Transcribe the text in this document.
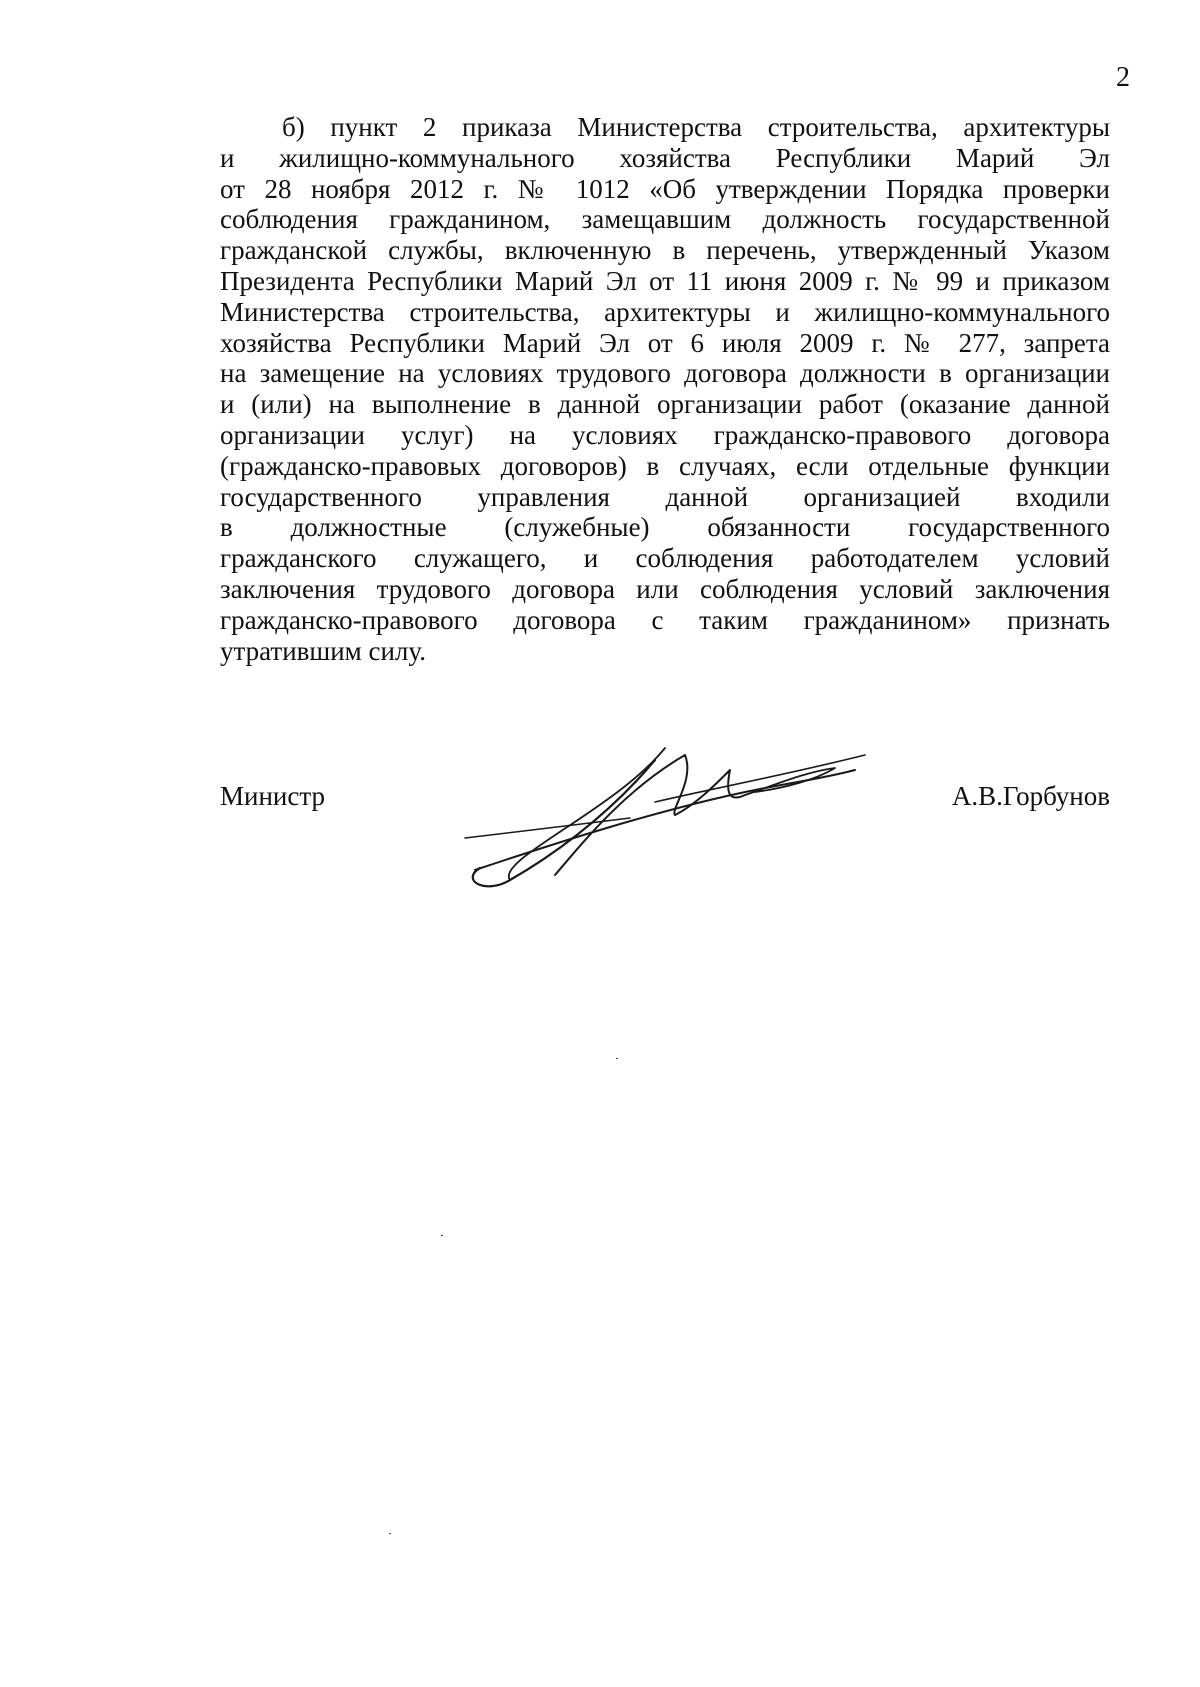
2
б) пункт 2 приказа Министерства строительства, архитектуры
и жилищно-коммунального хозяйства Республики Марий Эл
от 28 ноября 2012 г. № 1012 «Об утверждении Порядка проверки
соблюдения гражданином, замещавшим должность государственной
гражданской службы, включенную в перечень, утвержденный Указом
Президента Республики Марий Эл от 11 июня 2009 г. № 99 и приказом
Министерства строительства, архитектуры и жилищно-коммунального
хозяйства Республики Марий Эл от 6 июля 2009 г. № 277, запрета
на замещение на условиях трудового договора должности в организации
и (или) на выполнение в данной организации работ (оказание данной
организации услуг) на условиях гражданско-правового договора
(гражданско-правовых договоров) в случаях, если отдельные функции
государственного управления данной организацией входили
в должностные (служебные) обязанности государственного
гражданского служащего, и соблюдения работодателем условий
заключения трудового договора или соблюдения условий заключения
гражданско-правового договора с таким гражданином» признать
утратившим силу.
Министр	А.В.Горбунов
